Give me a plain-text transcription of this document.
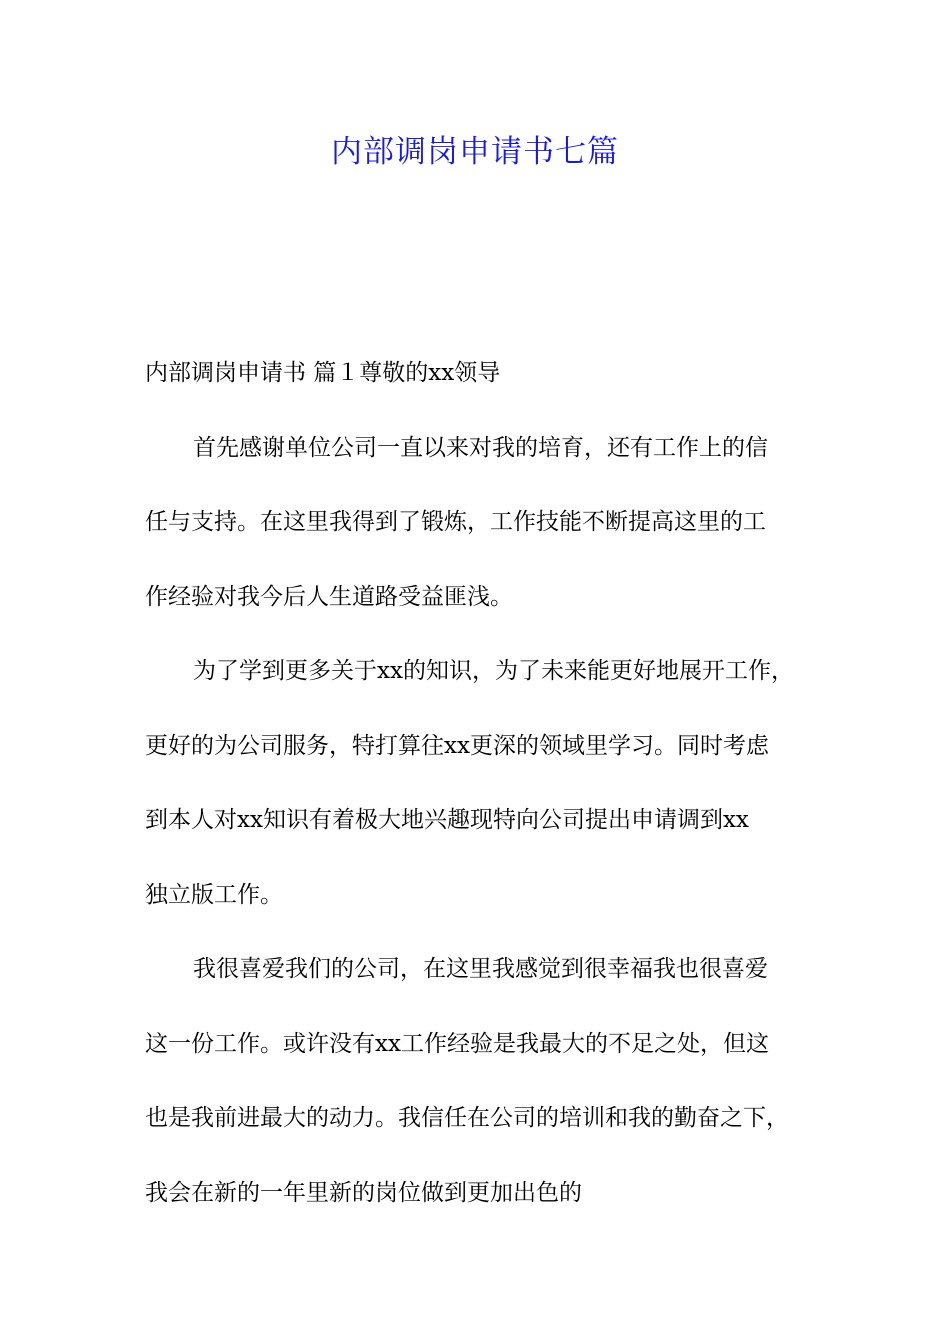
内部调岗申请书七篇
内部调岗申请书 篇１尊敬的xx领导
首先感谢单位公司一直以来对我的培育，还有工作上的信
任与支持。在这里我得到了锻炼，工作技能不断提高这里的工
作经验对我今后人生道路受益匪浅。
为了学到更多关于xx的知识，为了未来能更好地展开工作，
更好的为公司服务，特打算往xx更深的领域里学习。同时考虑
到本人对xx知识有着极大地兴趣现特向公司提出申请调到xx
独立版工作。
我很喜爱我们的公司，在这里我感觉到很幸福我也很喜爱
这一份工作。或许没有xx工作经验是我最大的不足之处，但这
也是我前进最大的动力。我信任在公司的培训和我的勤奋之下，
我会在新的一年里新的岗位做到更加出色的
